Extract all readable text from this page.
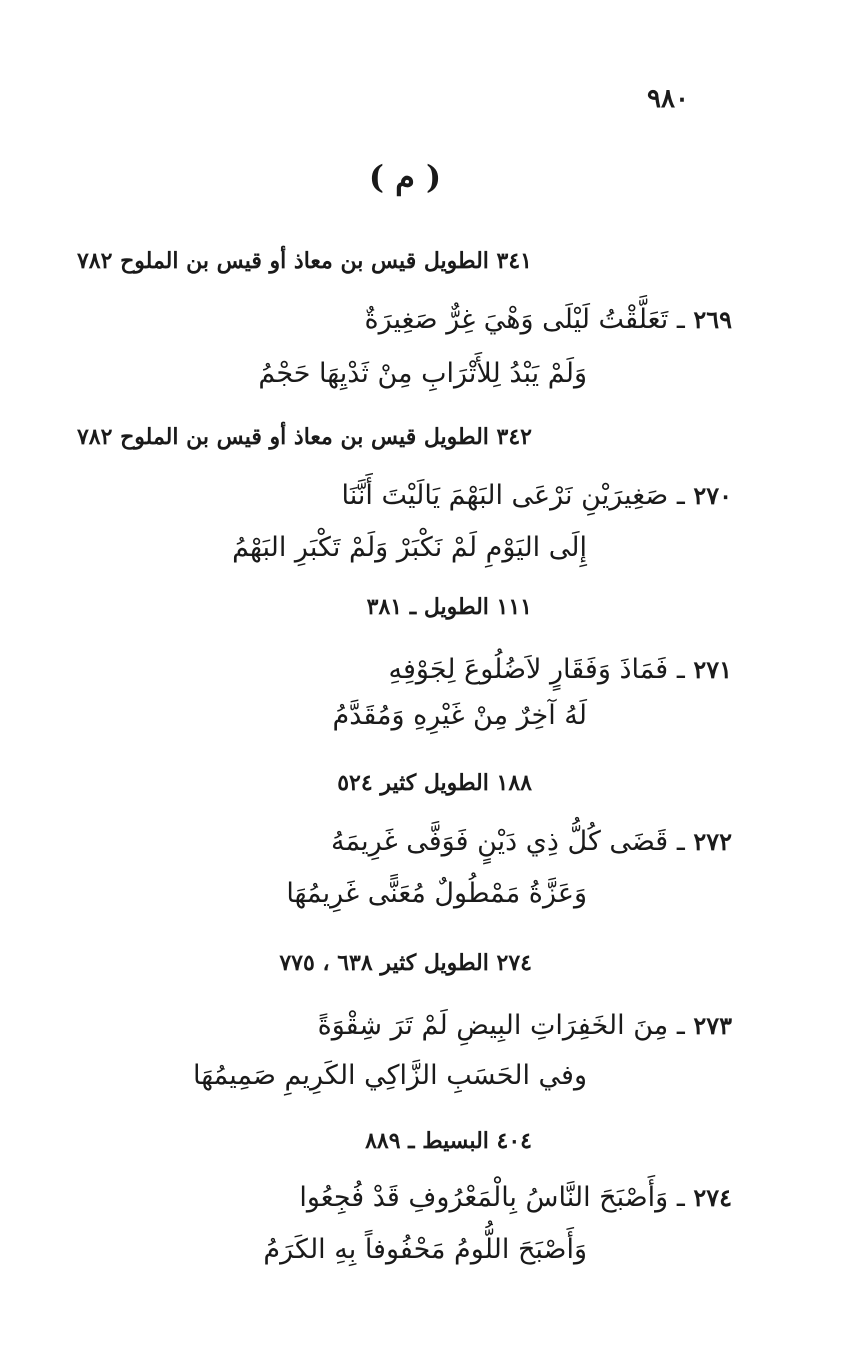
٩٨٠
( م )
٣٤١ الطويل قيس بن معاذ أو قيس بن الملوح ٧٨٢
٢٦٩ ـ تَعَلَّقْتُ لَيْلَى وَهْيَ غِرٌّ صَغِيرَةٌ
وَلَمْ يَبْدُ لِلأَتْرَابِ مِنْ ثَدْيِهَا حَجْمُ
٣٤٢ الطويل قيس بن معاذ أو قيس بن الملوح ٧٨٢
٢٧٠ ـ صَغِيرَيْنِ نَرْعَى البَهْمَ يَالَيْتَ أَنَّنَا
إِلَى اليَوْمِ لَمْ نَكْبَرْ وَلَمْ تَكْبَرِ البَهْمُ
١١١ الطويل ـ ٣٨١
٢٧١ ـ فَمَاذَ وَفَقَارٍ لاَضُلُوعَ لِجَوْفِهِ
لَهُ آخِرٌ مِنْ غَيْرِهِ وَمُقَدَّمُ
١٨٨ الطويل كثير ٥٢٤
٢٧٢ ـ قَضَى كُلُّ ذِي دَيْنٍ فَوَفَّى غَرِيمَهُ
وَعَزَّةُ مَمْطُولٌ مُعَنًّى غَرِيمُهَا
٢٧٤ الطويل كثير ٦٣٨ ، ٧٧٥
٢٧٣ ـ مِنَ الخَفِرَاتِ البِيضِ لَمْ تَرَ شِقْوَةً
وفي الحَسَبِ الزَّاكِي الكَرِيمِ صَمِيمُهَا
٤٠٤ البسيط ـ ٨٨٩
٢٧٤ ـ وَأَصْبَحَ النَّاسُ بِالْمَعْرُوفِ قَدْ فُجِعُوا
وَأَصْبَحَ اللُّومُ مَحْفُوفاً بِهِ الكَرَمُ
